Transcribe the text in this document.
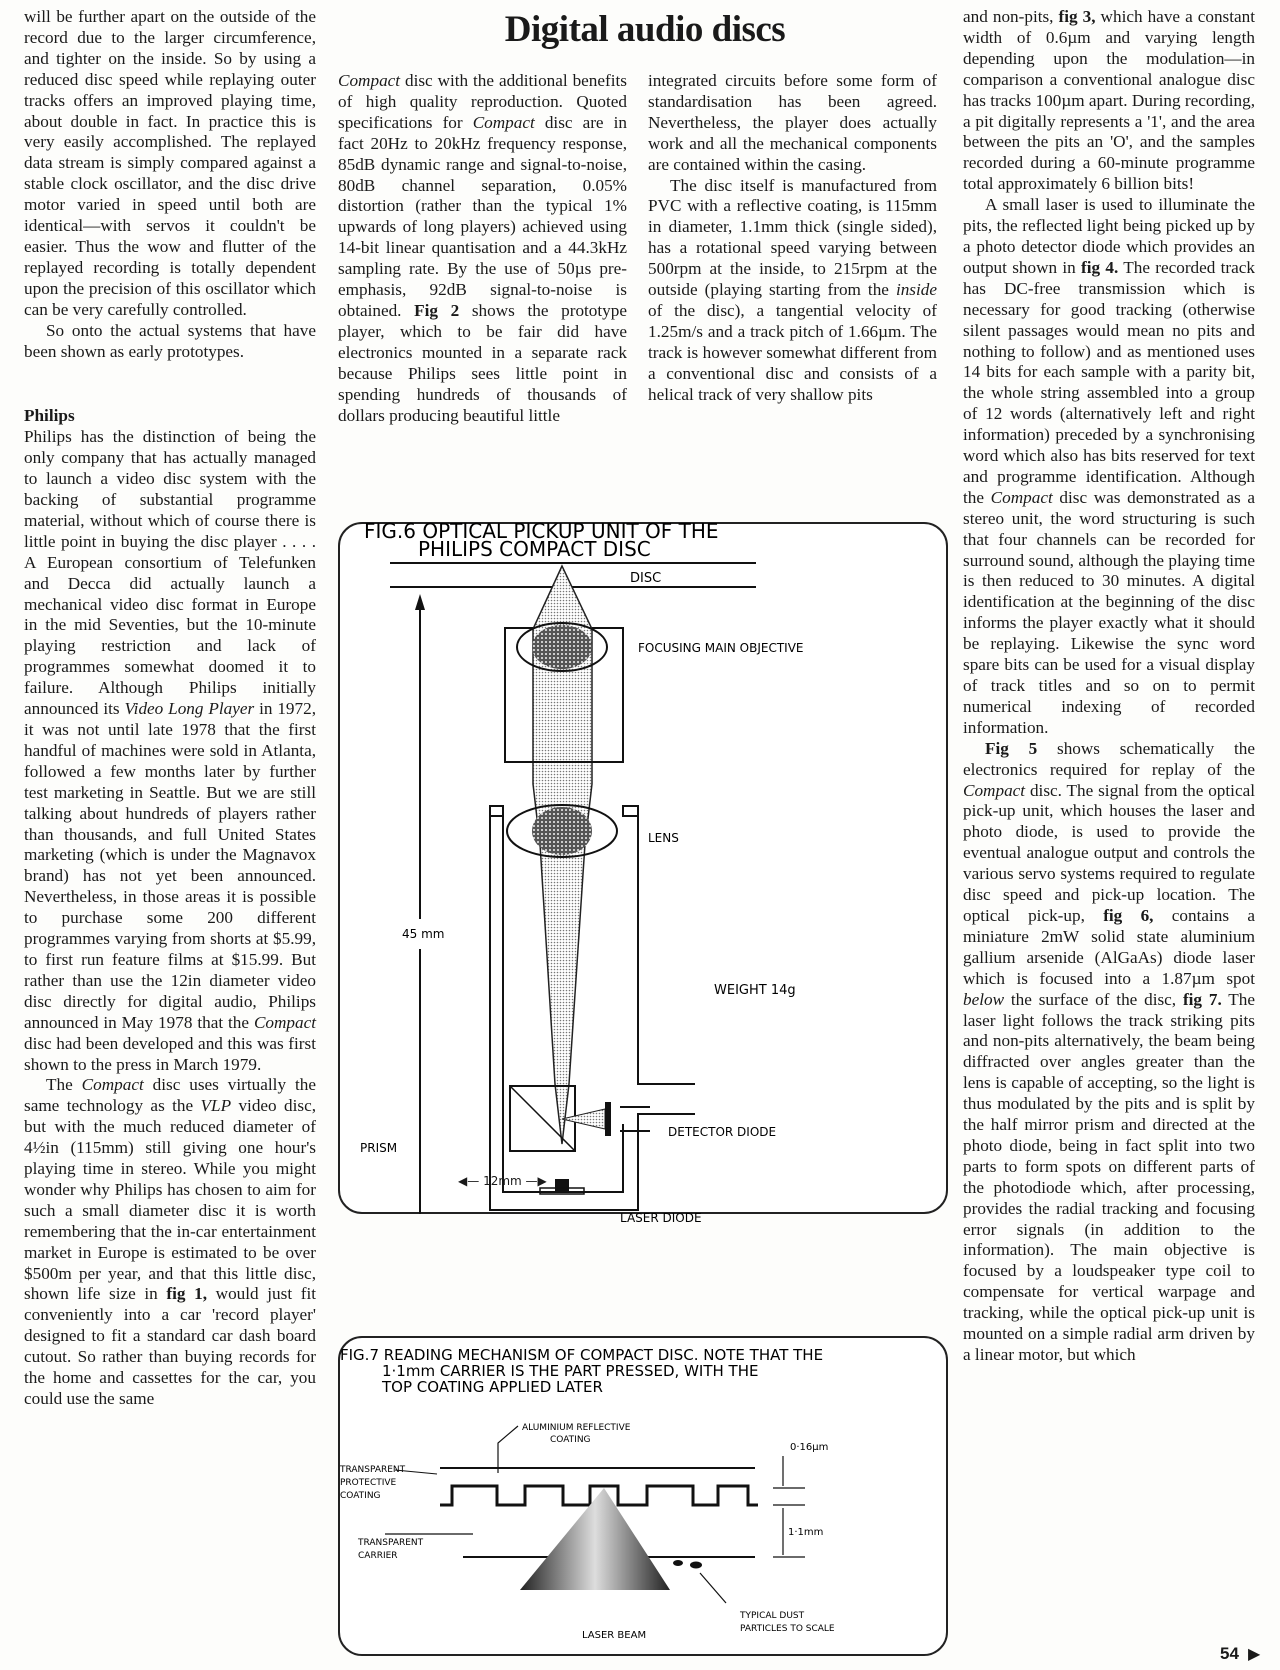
Digital audio discs

will be further apart on the outside of the record due to the larger circumference, and tighter on the inside. So by using a reduced disc speed while replaying outer tracks offers an improved playing time, about double in fact. In practice this is very easily accomplished. The replayed data stream is simply compared against a stable clock oscillator, and the disc drive motor varied in speed until both are identical—with servos it couldn't be easier. Thus the wow and flutter of the replayed recording is totally dependent upon the precision of this oscillator which can be very carefully controlled.

So onto the actual systems that have been shown as early prototypes.

Philips

Philips has the distinction of being the only company that has actually managed to launch a video disc system with the backing of substantial programme material, without which of course there is little point in buying the disc player . . . . A European consortium of Telefunken and Decca did actually launch a mechanical video disc format in Europe in the mid Seventies, but the 10-minute playing restriction and lack of programmes somewhat doomed it to failure. Although Philips initially announced its Video Long Player in 1972, it was not until late 1978 that the first handful of machines were sold in Atlanta, followed a few months later by further test marketing in Seattle. But we are still talking about hundreds of players rather than thousands, and full United States marketing (which is under the Magnavox brand) has not yet been announced. Nevertheless, in those areas it is possible to purchase some 200 different programmes varying from shorts at $5.99, to first run feature films at $15.99. But rather than use the 12in diameter video disc directly for digital audio, Philips announced in May 1978 that the Compact disc had been developed and this was first shown to the press in March 1979.

The Compact disc uses virtually the same technology as the VLP video disc, but with the much reduced diameter of 4½in (115mm) still giving one hour's playing time in stereo. While you might wonder why Philips has chosen to aim for such a small diameter disc it is worth remembering that the in-car entertainment market in Europe is estimated to be over $500m per year, and that this little disc, shown life size in fig 1, would just fit conveniently into a car 'record player' designed to fit a standard car dash board cutout. So rather than buying records for the home and cassettes for the car, you could use the same

Compact disc with the additional benefits of high quality reproduction. Quoted specifications for Compact disc are in fact 20Hz to 20kHz frequency response, 85dB dynamic range and signal-to-noise, 80dB channel separation, 0.05% distortion (rather than the typical 1% upwards of long players) achieved using 14-bit linear quantisation and a 44.3kHz sampling rate. By the use of 50µs pre-emphasis, 92dB signal-to-noise is obtained. Fig 2 shows the prototype player, which to be fair did have electronics mounted in a separate rack because Philips sees little point in spending hundreds of thousands of dollars producing beautiful little

integrated circuits before some form of standardisation has been agreed. Nevertheless, the player does actually work and all the mechanical components are contained within the casing.

The disc itself is manufactured from PVC with a reflective coating, is 115mm in diameter, 1.1mm thick (single sided), has a rotational speed varying between 500rpm at the inside, to 215rpm at the outside (playing starting from the inside of the disc), a tangential velocity of 1.25m/s and a track pitch of 1.66µm. The track is however somewhat different from a conventional disc and consists of a helical track of very shallow pits

and non-pits, fig 3, which have a constant width of 0.6µm and varying length depending upon the modulation—in comparison a conventional analogue disc has tracks 100µm apart. During recording, a pit digitally represents a '1', and the area between the pits an 'O', and the samples recorded during a 60-minute programme total approximately 6 billion bits!

A small laser is used to illuminate the pits, the reflected light being picked up by a photo detector diode which provides an output shown in fig 4. The recorded track has DC-free transmission which is necessary for good tracking (otherwise silent passages would mean no pits and nothing to follow) and as mentioned uses 14 bits for each sample with a parity bit, the whole string assembled into a group of 12 words (alternatively left and right information) preceded by a synchronising word which also has bits reserved for text and programme identification. Although the Compact disc was demonstrated as a stereo unit, the word structuring is such that four channels can be recorded for surround sound, although the playing time is then reduced to 30 minutes. A digital identification at the beginning of the disc informs the player exactly what it should be replaying. Likewise the sync word spare bits can be used for a visual display of track titles and so on to permit numerical indexing of recorded information.

Fig 5 shows schematically the electronics required for replay of the Compact disc. The signal from the optical pick-up unit, which houses the laser and photo diode, is used to provide the eventual analogue output and controls the various servo systems required to regulate disc speed and pick-up location. The optical pick-up, fig 6, contains a miniature 2mW solid state aluminium gallium arsenide (AlGaAs) diode laser which is focused into a 1.87µm spot below the surface of the disc, fig 7. The laser light follows the track striking pits and non-pits alternatively, the beam being diffracted over angles greater than the lens is capable of accepting, so the light is thus modulated by the pits and is split by the half mirror prism and directed at the photo diode, being in fact split into two parts to form spots on different parts of the photodiode which, after processing, provides the radial tracking and focusing error signals (in addition to the information). The main objective is focused by a loudspeaker type coil to compensate for vertical warpage and tracking, while the optical pick-up unit is mounted on a simple radial arm driven by a linear motor, but which

FIG.6 OPTICAL PICKUP UNIT OF THE
PHILIPS COMPACT DISC
DISC
FOCUSING MAIN OBJECTIVE
LENS
45 mm
WEIGHT 14g
PRISM
DETECTOR DIODE
LASER DIODE
◀— 12mm —▶
FIG.7 READING MECHANISM OF COMPACT DISC. NOTE THAT THE
1·1mm CARRIER IS THE PART PRESSED, WITH THE
TOP COATING APPLIED LATER
ALUMINIUM REFLECTIVE
COATING
TRANSPARENT
PROTECTIVE
COATING
TRANSPARENT
CARRIER
0·16µm
1·1mm
LASER BEAM
TYPICAL DUST
PARTICLES TO SCALE
54 ▶
